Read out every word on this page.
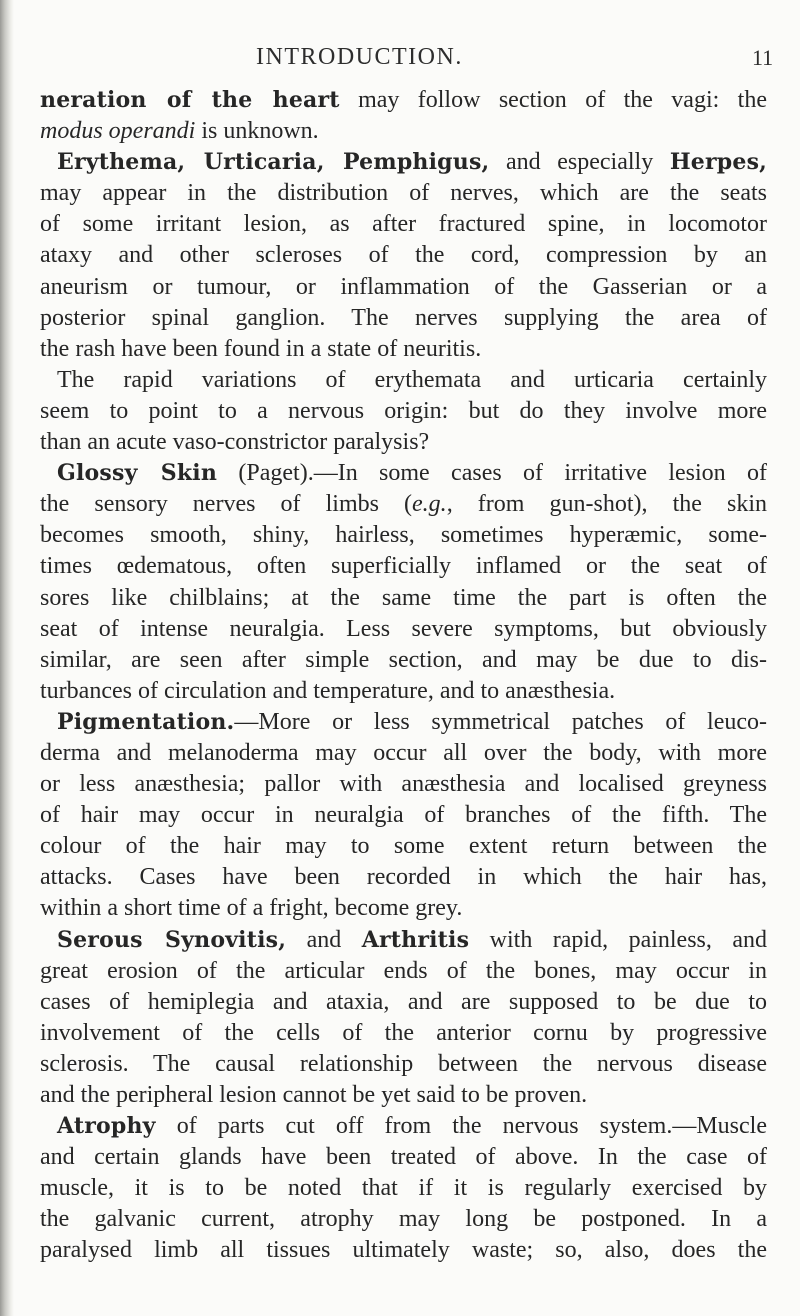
INTRODUCTION.	11
neration of the heart may follow section of the vagi: the
modus operandi is unknown.
Erythema, Urticaria, Pemphigus, and especially Herpes,
may appear in the distribution of nerves, which are the seats
of some irritant lesion, as after fractured spine, in locomotor
ataxy and other scleroses of the cord, compression by an
aneurism or tumour, or inflammation of the Gasserian or a
posterior spinal ganglion. The nerves supplying the area of
the rash have been found in a state of neuritis.
The rapid variations of erythemata and urticaria certainly
seem to point to a nervous origin: but do they involve more
than an acute vaso-constrictor paralysis?
Glossy Skin (Paget).—In some cases of irritative lesion of
the sensory nerves of limbs (e.g., from gun-shot), the skin
becomes smooth, shiny, hairless, sometimes hyperæmic, some-
times œdematous, often superficially inflamed or the seat of
sores like chilblains; at the same time the part is often the
seat of intense neuralgia. Less severe symptoms, but obviously
similar, are seen after simple section, and may be due to dis-
turbances of circulation and temperature, and to anæsthesia.
Pigmentation.—More or less symmetrical patches of leuco-
derma and melanoderma may occur all over the body, with more
or less anæsthesia; pallor with anæsthesia and localised greyness
of hair may occur in neuralgia of branches of the fifth. The
colour of the hair may to some extent return between the
attacks. Cases have been recorded in which the hair has,
within a short time of a fright, become grey.
Serous Synovitis, and Arthritis with rapid, painless, and
great erosion of the articular ends of the bones, may occur in
cases of hemiplegia and ataxia, and are supposed to be due to
involvement of the cells of the anterior cornu by progressive
sclerosis. The causal relationship between the nervous disease
and the peripheral lesion cannot be yet said to be proven.
Atrophy of parts cut off from the nervous system.—Muscle
and certain glands have been treated of above. In the case of
muscle, it is to be noted that if it is regularly exercised by
the galvanic current, atrophy may long be postponed. In a
paralysed limb all tissues ultimately waste; so, also, does the
